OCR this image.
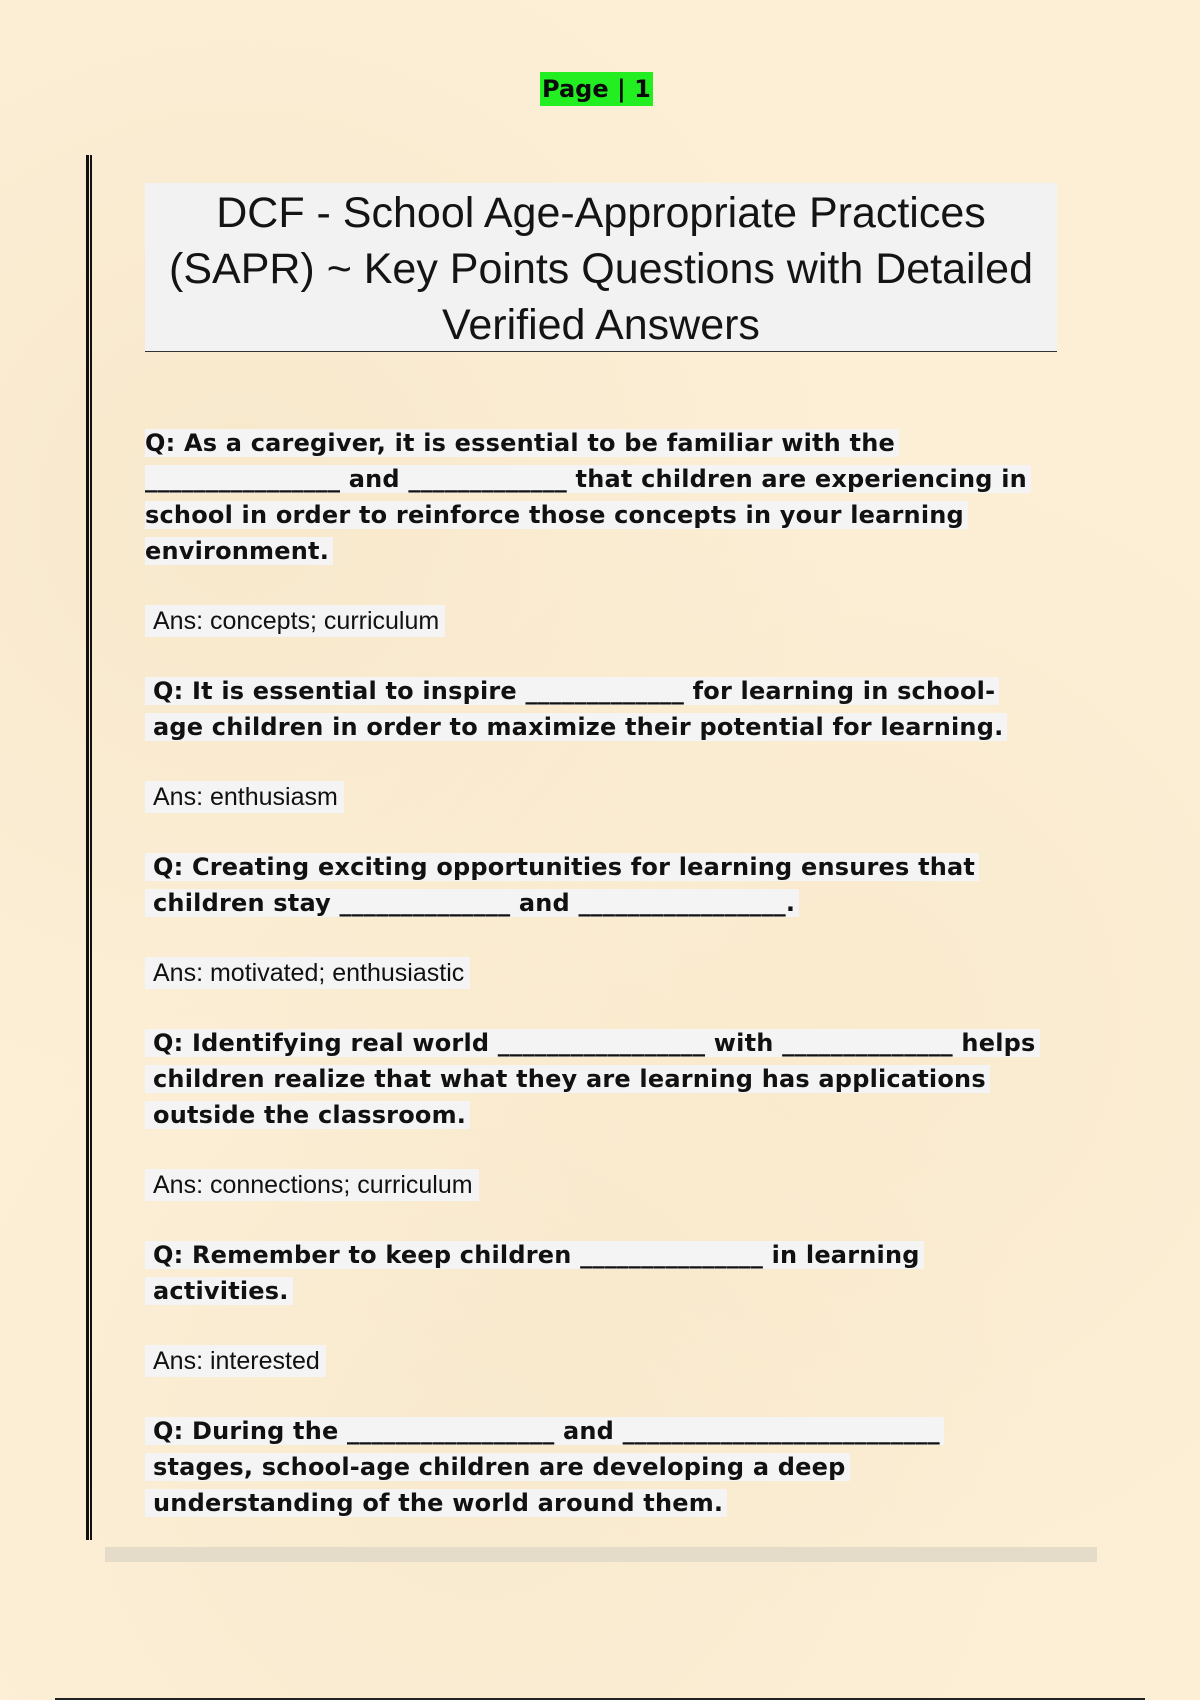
Page | 1
DCF - School Age-Appropriate Practices
(SAPR) ~ Key Points Questions with Detailed
Verified Answers
Q: As a caregiver, it is essential to be familiar with the ________________ and _____________ that children are experiencing in school in order to reinforce those concepts in your learning environment.
Ans: concepts; curriculum
Q: It is essential to inspire _____________ for learning in school-age children in order to maximize their potential for learning.
Ans: enthusiasm
Q: Creating exciting opportunities for learning ensures that children stay ______________ and _________________.
Ans: motivated; enthusiastic
Q: Identifying real world _________________ with ______________ helps children realize that what they are learning has applications outside the classroom.
Ans: connections; curriculum
Q: Remember to keep children _______________ in learning activities.
Ans: interested
Q: During the _________________ and __________________________ stages, school-age children are developing a deep understanding of the world around them.
